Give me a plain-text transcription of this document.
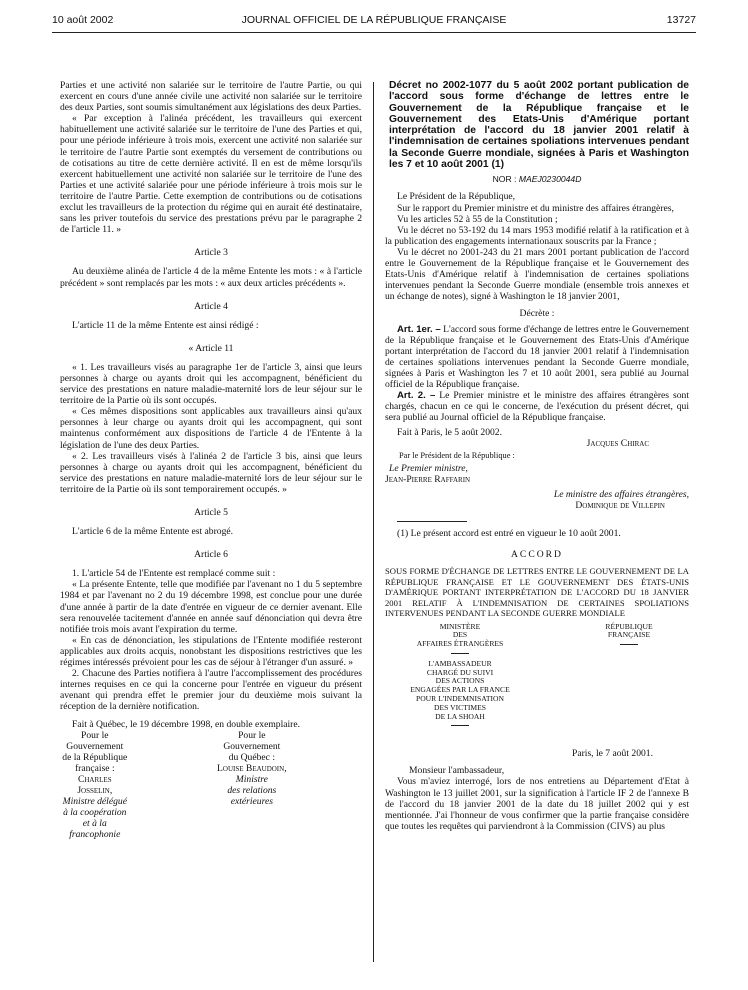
10 août 2002	JOURNAL OFFICIEL DE LA RÉPUBLIQUE FRANÇAISE	13727

Parties et une activité non salariée sur le territoire de l'autre Partie, ou qui exercent en cours d'une année civile une activité non salariée sur le territoire des deux Parties, sont soumis simultanément aux législations des deux Parties.

« Par exception à l'alinéa précédent, les travailleurs qui exercent habituellement une activité salariée sur le territoire de l'une des Parties et qui, pour une période inférieure à trois mois, exercent une activité non salariée sur le territoire de l'autre Partie sont exemptés du versement de contributions ou de cotisations au titre de cette dernière activité. Il en est de même lorsqu'ils exercent habituellement une activité non salariée sur le territoire de l'une des Parties et une activité salariée pour une période inférieure à trois mois sur le territoire de l'autre Partie. Cette exemption de contributions ou de cotisations exclut les travailleurs de la protection du régime qui en aurait été destinataire, sans les priver toutefois du service des prestations prévu par le paragraphe 2 de l'article 11. »

Article 3

Au deuxième alinéa de l'article 4 de la même Entente les mots : « à l'article précédent » sont remplacés par les mots : « aux deux articles précédents ».

Article 4

L'article 11 de la même Entente est ainsi rédigé :

« Article 11

« 1. Les travailleurs visés au paragraphe 1er de l'article 3, ainsi que leurs personnes à charge ou ayants droit qui les accompagnent, bénéficient du service des prestations en nature maladie-maternité lors de leur séjour sur le territoire de la Partie où ils sont occupés.

« Ces mêmes dispositions sont applicables aux travailleurs ainsi qu'aux personnes à leur charge ou ayants droit qui les accompagnent, qui sont maintenus conformément aux dispositions de l'article 4 de l'Entente à la législation de l'une des deux Parties.

« 2. Les travailleurs visés à l'alinéa 2 de l'article 3 bis, ainsi que leurs personnes à charge ou ayants droit qui les accompagnent, bénéficient du service des prestations en nature maladie-maternité lors de leur séjour sur le territoire de la Partie où ils sont temporairement occupés. »

Article 5

L'article 6 de la même Entente est abrogé.

Article 6

1. L'article 54 de l'Entente est remplacé comme suit :

« La présente Entente, telle que modifiée par l'avenant no 1 du 5 septembre 1984 et par l'avenant no 2 du 19 décembre 1998, est conclue pour une durée d'une année à partir de la date d'entrée en vigueur de ce dernier avenant. Elle sera renouvelée tacitement d'année en année sauf dénonciation qui devra être notifiée trois mois avant l'expiration du terme.

« En cas de dénonciation, les stipulations de l'Entente modifiée resteront applicables aux droits acquis, nonobstant les dispositions restrictives que les régimes intéressés prévoient pour les cas de séjour à l'étranger d'un assuré. »

2. Chacune des Parties notifiera à l'autre l'accomplissement des procédures internes requises en ce qui la concerne pour l'entrée en vigueur du présent avenant qui prendra effet le premier jour du deuxième mois suivant la réception de la dernière notification.

Fait à Québec, le 19 décembre 1998, en double exemplaire.

Pour le Gouvernement
de la République française :
Charles Josselin,
Ministre délégué
à la coopération
et à la francophonie
Pour le Gouvernement
du Québec :
Louise Beaudoin,
Ministre
des relations extérieures
Décret no 2002-1077 du 5 août 2002 portant publication de l'accord sous forme d'échange de lettres entre le Gouvernement de la République française et le Gouvernement des Etats-Unis d'Amérique portant interprétation de l'accord du 18 janvier 2001 relatif à l'indemnisation de certaines spoliations intervenues pendant la Seconde Guerre mondiale, signées à Paris et Washington les 7 et 10 août 2001 (1)
NOR : MAEJ0230044D

Le Président de la République,

Sur le rapport du Premier ministre et du ministre des affaires étrangères,

Vu les articles 52 à 55 de la Constitution ;

Vu le décret no 53-192 du 14 mars 1953 modifié relatif à la ratification et à la publication des engagements internationaux souscrits par la France ;

Vu le décret no 2001-243 du 21 mars 2001 portant publication de l'accord entre le Gouvernement de la République française et le Gouvernement des Etats-Unis d'Amérique relatif à l'indemnisation de certaines spoliations intervenues pendant la Seconde Guerre mondiale (ensemble trois annexes et un échange de notes), signé à Washington le 18 janvier 2001,

Décrète :

Art. 1er. – L'accord sous forme d'échange de lettres entre le Gouvernement de la République française et le Gouvernement des Etats-Unis d'Amérique portant interprétation de l'accord du 18 janvier 2001 relatif à l'indemnisation de certaines spoliations intervenues pendant la Seconde Guerre mondiale, signées à Paris et Washington les 7 et 10 août 2001, sera publié au Journal officiel de la République française.

Art. 2. – Le Premier ministre et le ministre des affaires étrangères sont chargés, chacun en ce qui le concerne, de l'exécution du présent décret, qui sera publié au Journal officiel de la République française.

Fait à Paris, le 5 août 2002.

Jacques Chirac
Par le Président de la République :
Le Premier ministre,
Jean-Pierre Raffarin
Le ministre des affaires étrangères,
Dominique de Villepin

(1) Le présent accord est entré en vigueur le 10 août 2001.

ACCORD

SOUS FORME D'ÉCHANGE DE LETTRES ENTRE LE GOUVERNEMENT DE LA RÉPUBLIQUE FRANÇAISE ET LE GOUVERNEMENT DES ÉTATS-UNIS D'AMÉRIQUE PORTANT INTERPRÉTATION DE L'ACCORD DU 18 JANVIER 2001 RELATIF À L'INDEMNISATION DE CERTAINES SPOLIATIONS INTERVENUES PENDANT LA SECONDE GUERRE MONDIALE

MINISTÈRE
DES
AFFAIRES ÉTRANGÈRES
RÉPUBLIQUE
FRANÇAISE
L'AMBASSADEUR
CHARGÉ DU SUIVI
DES ACTIONS
ENGAGÉES PAR LA FRANCE
POUR L'INDEMNISATION
DES VICTIMES
DE LA SHOAH
Paris, le 7 août 2001.

Monsieur l'ambassadeur,

Vous m'aviez interrogé, lors de nos entretiens au Département d'Etat à Washington le 13 juillet 2001, sur la signification à l'article IF 2 de l'annexe B de l'accord du 18 janvier 2001 de la date du 18 juillet 2002 qui y est mentionnée. J'ai l'honneur de vous confirmer que la partie française considère que toutes les requêtes qui parviendront à la Commission (CIVS) au plus
